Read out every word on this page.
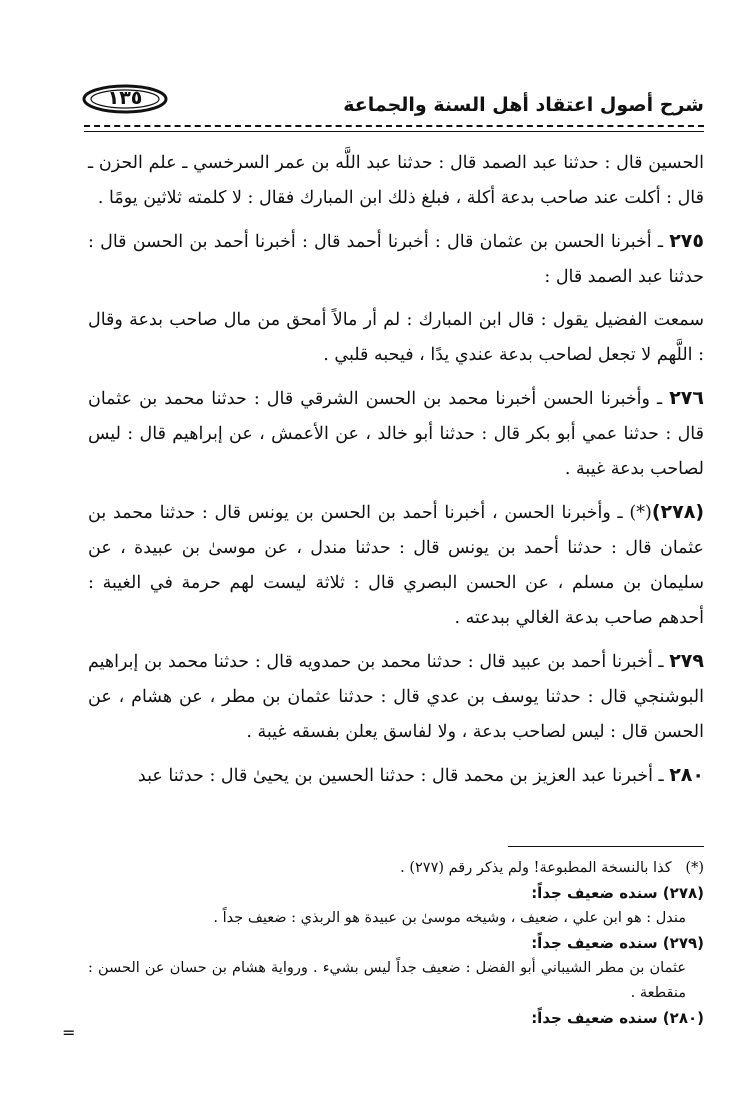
١٣٥	شرح أصول اعتقاد أهل السنة والجماعة

الحسين قال : حدثنا عبد الصمد قال : حدثنا عبد اللَّه بن عمر السرخسي ـ علم الحزن ـ قال : أكلت عند صاحب بدعة أكلة ، فبلغ ذلك ابن المبارك فقال : لا كلمته ثلاثين يومًا .

٢٧٥ ـ أخبرنا الحسن بن عثمان قال : أخبرنا أحمد قال : أخبرنا أحمد بن الحسن قال : حدثنا عبد الصمد قال :

سمعت الفضيل يقول : قال ابن المبارك : لم أر مالاً أمحق من مال صاحب بدعة وقال : اللَّهم لا تجعل لصاحب بدعة عندي يدًا ، فيحبه قلبي .

٢٧٦ ـ وأخبرنا الحسن أخبرنا محمد بن الحسن الشرقي قال : حدثنا محمد بن عثمان قال : حدثنا عمي أبو بكر قال : حدثنا أبو خالد ، عن الأعمش ، عن إبراهيم قال : ليس لصاحب بدعة غيبة .

(٢٧٨)(*) ـ وأخبرنا الحسن ، أخبرنا أحمد بن الحسن بن يونس قال : حدثنا محمد بن عثمان قال : حدثنا أحمد بن يونس قال : حدثنا مندل ، عن موسىٰ بن عبيدة ، عن سليمان بن مسلم ، عن الحسن البصري قال : ثلاثة ليست لهم حرمة في الغيبة : أحدهم صاحب بدعة الغالي ببدعته .

٢٧٩ ـ أخبرنا أحمد بن عبيد قال : حدثنا محمد بن حمدويه قال : حدثنا محمد بن إبراهيم البوشنجي قال : حدثنا يوسف بن عدي قال : حدثنا عثمان بن مطر ، عن هشام ، عن الحسن قال : ليس لصاحب بدعة ، ولا لفاسق يعلن بفسقه غيبة .

٢٨٠ ـ أخبرنا عبد العزيز بن محمد قال : حدثنا الحسين بن يحيىٰ قال : حدثنا عبد

(*)   كذا بالنسخة المطبوعة! ولم يذكر رقم (٢٧٧) .

(٢٧٨) سنده ضعيف جداً:

مندل : هو ابن علي ، ضعيف ، وشيخه موسىٰ بن عبيدة هو الربذي : ضعيف جداً .

(٢٧٩) سنده ضعيف جداً:

عثمان بن مطر الشيباني أبو الفضل : ضعيف جداً ليس بشيء . ورواية هشام بن حسان عن الحسن : منقطعة .

(٢٨٠) سنده ضعيف جداً:

=
